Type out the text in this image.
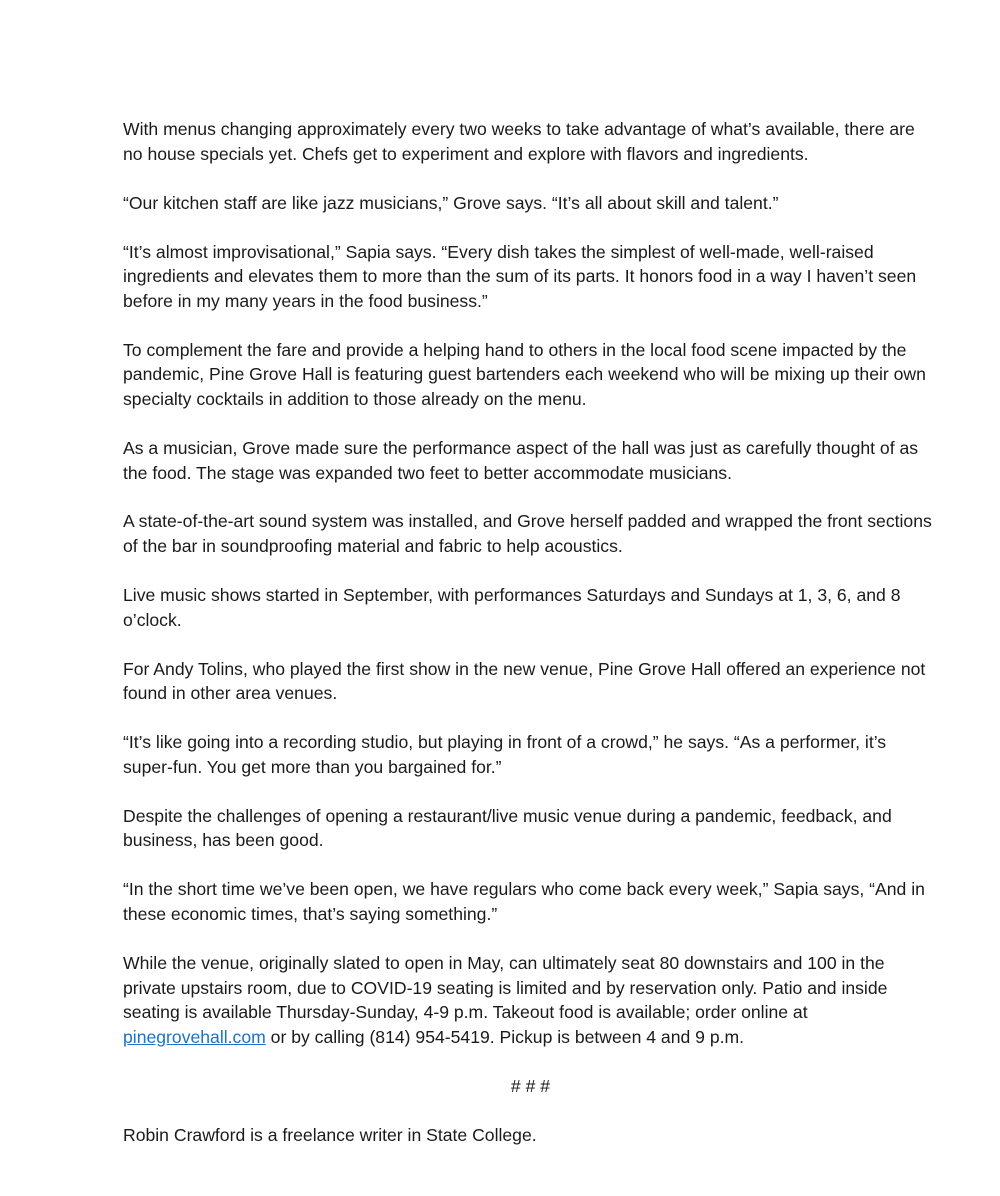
With menus changing approximately every two weeks to take advantage of what’s available, there are no house specials yet. Chefs get to experiment and explore with flavors and ingredients.

“Our kitchen staff are like jazz musicians,” Grove says. “It’s all about skill and talent.”

“It’s almost improvisational,” Sapia says. “Every dish takes the simplest of well-made, well-raised ingredients and elevates them to more than the sum of its parts. It honors food in a way I haven’t seen before in my many years in the food business.”

To complement the fare and provide a helping hand to others in the local food scene impacted by the pandemic, Pine Grove Hall is featuring guest bartenders each weekend who will be mixing up their own specialty cocktails in addition to those already on the menu.

As a musician, Grove made sure the performance aspect of the hall was just as carefully thought of as the food. The stage was expanded two feet to better accommodate musicians.

A state-of-the-art sound system was installed, and Grove herself padded and wrapped the front sections of the bar in soundproofing material and fabric to help acoustics.

Live music shows started in September, with performances Saturdays and Sundays at 1, 3, 6, and 8 o’clock.

For Andy Tolins, who played the first show in the new venue, Pine Grove Hall offered an experience not found in other area venues.

“It’s like going into a recording studio, but playing in front of a crowd,” he says. “As a performer, it’s super-fun. You get more than you bargained for.”

Despite the challenges of opening a restaurant/live music venue during a pandemic, feedback, and business, has been good.

“In the short time we’ve been open, we have regulars who come back every week,” Sapia says, “And in these economic times, that’s saying something.”

While the venue, originally slated to open in May, can ultimately seat 80 downstairs and 100 in the private upstairs room, due to COVID-19 seating is limited and by reservation only. Patio and inside seating is available Thursday-Sunday, 4-9 p.m. Takeout food is available; order online at pinegrovehall.com or by calling (814) 954-5419. Pickup is between 4 and 9 p.m.

# # #

Robin Crawford is a freelance writer in State College.
